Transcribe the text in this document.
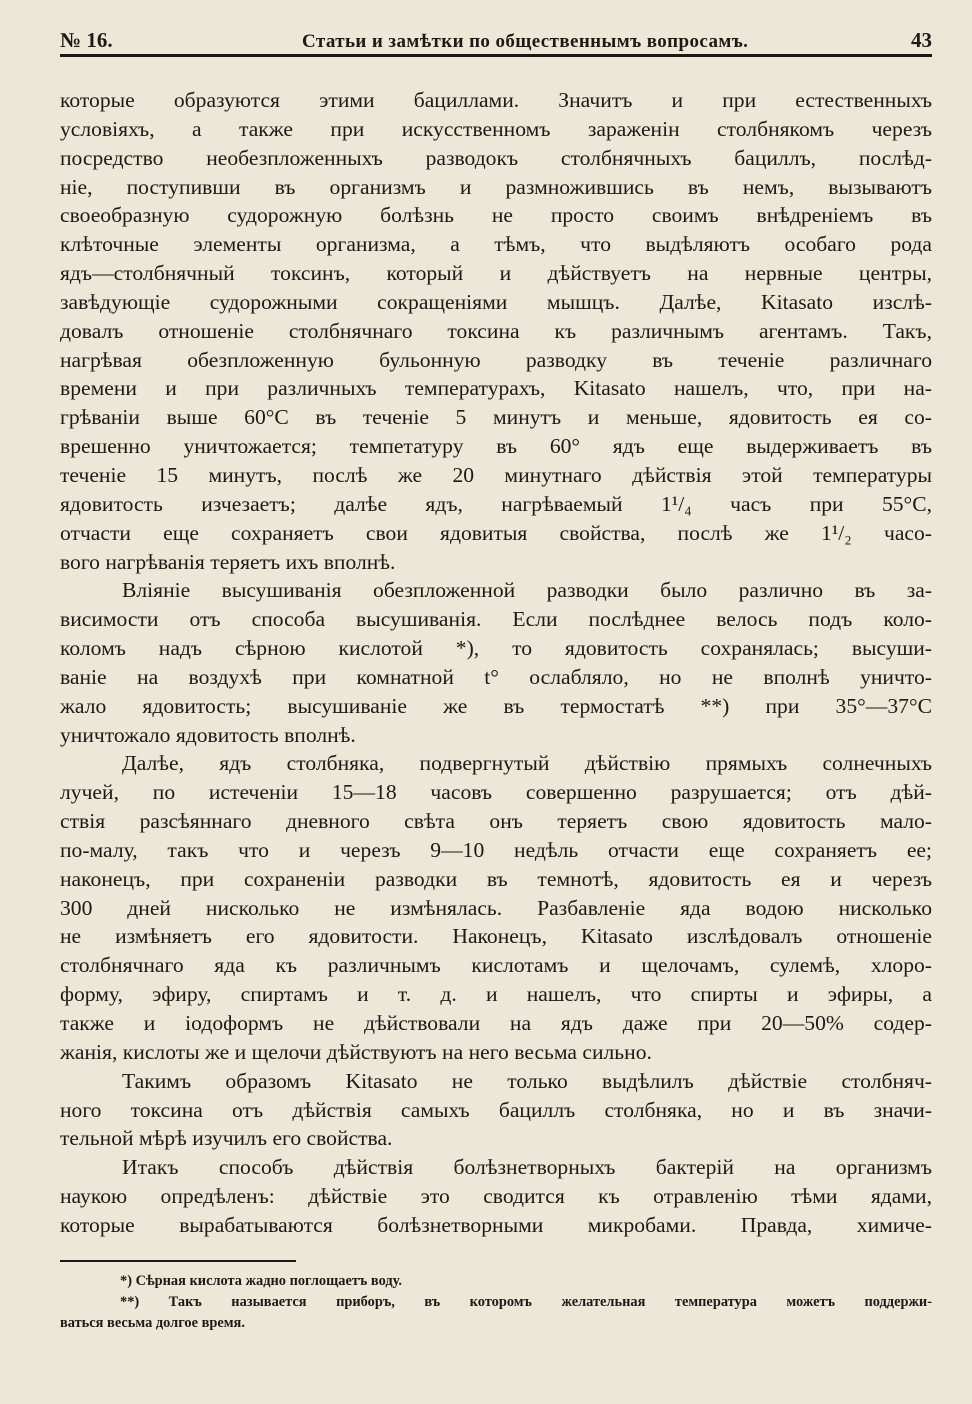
№ 16.	Статьи и замѣтки по общественнымъ вопросамъ.	43
которые образуются этими бациллами. Значитъ и при естественныхъ
условіяхъ, а также при искусственномъ зараженін столбнякомъ черезъ
посредство необезпложенныхъ разводокъ столбнячныхъ бациллъ, послѣд-
ніе, поступивши въ организмъ и размножившись въ немъ, вызываютъ
своеобразную судорожную болѣзнь не просто своимъ внѣдреніемъ въ
клѣточные элементы организма, а тѣмъ, что выдѣляютъ особаго рода
ядъ—столбнячный токсинъ, который и дѣйствуетъ на нервные центры,
завѣдующіе судорожными сокращеніями мышцъ. Далѣе, Kitasato изслѣ-
довалъ отношеніе столбнячнаго токсина къ различнымъ агентамъ. Такъ,
нагрѣвая обезпложенную бульонную разводку въ теченіе различнаго
времени и при различныхъ температурахъ, Kitasato нашелъ, что, при на-
грѣваніи выше 60°C въ теченіе 5 минутъ и меньше, ядовитость ея со-
врешенно уничтожается; темпетатуру въ 60° ядъ еще выдерживаетъ въ
теченіе 15 минутъ, послѣ же 20 минутнаго дѣйствія этой температуры
ядовитость изчезаетъ; далѣе ядъ, нагрѣваемый 1¹/₄ часъ при 55°C,
отчасти еще сохраняетъ свои ядовитыя свойства, послѣ же 1¹/₂ часо-
вого нагрѣванія теряетъ ихъ вполнѣ.
Вліяніе высушиванія обезпложенной разводки было различно въ за-
висимости отъ способа высушиванія. Если послѣднее велось подъ коло-
коломъ надъ сѣрною кислотой *), то ядовитость сохранялась; высуши-
ваніе на воздухѣ при комнатной t° ослабляло, но не вполнѣ уничто-
жало ядовитость; высушиваніе же въ термостатѣ **) при 35°—37°C
уничтожало ядовитость вполнѣ.
Далѣе, ядъ столбняка, подвергнутый дѣйствію прямыхъ солнечныхъ
лучей, по истеченіи 15—18 часовъ совершенно разрушается; отъ дѣй-
ствія разсѣяннаго дневного свѣта онъ теряетъ свою ядовитость мало-
по-малу, такъ что и черезъ 9—10 недѣль отчасти еще сохраняетъ ее;
наконецъ, при сохраненіи разводки въ темнотѣ, ядовитость ея и черезъ
300 дней нисколько не измѣнялась. Разбавленіе яда водою нисколько
не измѣняетъ его ядовитости. Наконецъ, Kitasato изслѣдовалъ отношеніе
столбнячнаго яда къ различнымъ кислотамъ и щелочамъ, сулемѣ, хлоро-
форму, эфиру, спиртамъ и т. д. и нашелъ, что спирты и эфиры, а
также и іодоформъ не дѣйствовали на ядъ даже при 20—50% содер-
жанія, кислоты же и щелочи дѣйствуютъ на него весьма сильно.
Такимъ образомъ Kitasato не только выдѣлилъ дѣйствіе столбняч-
ного токсина отъ дѣйствія самыхъ бациллъ столбняка, но и въ значи-
тельной мѣрѣ изучилъ его свойства.
Итакъ способъ дѣйствія болѣзнетворныхъ бактерій на организмъ
наукою опредѣленъ: дѣйствіе это сводится къ отравленію тѣми ядами,
которые вырабатываются болѣзнетворными микробами. Правда, химиче-
*) Сѣрная кислота жадно поглощаетъ воду.
**) Такъ называется приборъ, въ которомъ желательная температура можетъ поддержи-
ваться весьма долгое время.
